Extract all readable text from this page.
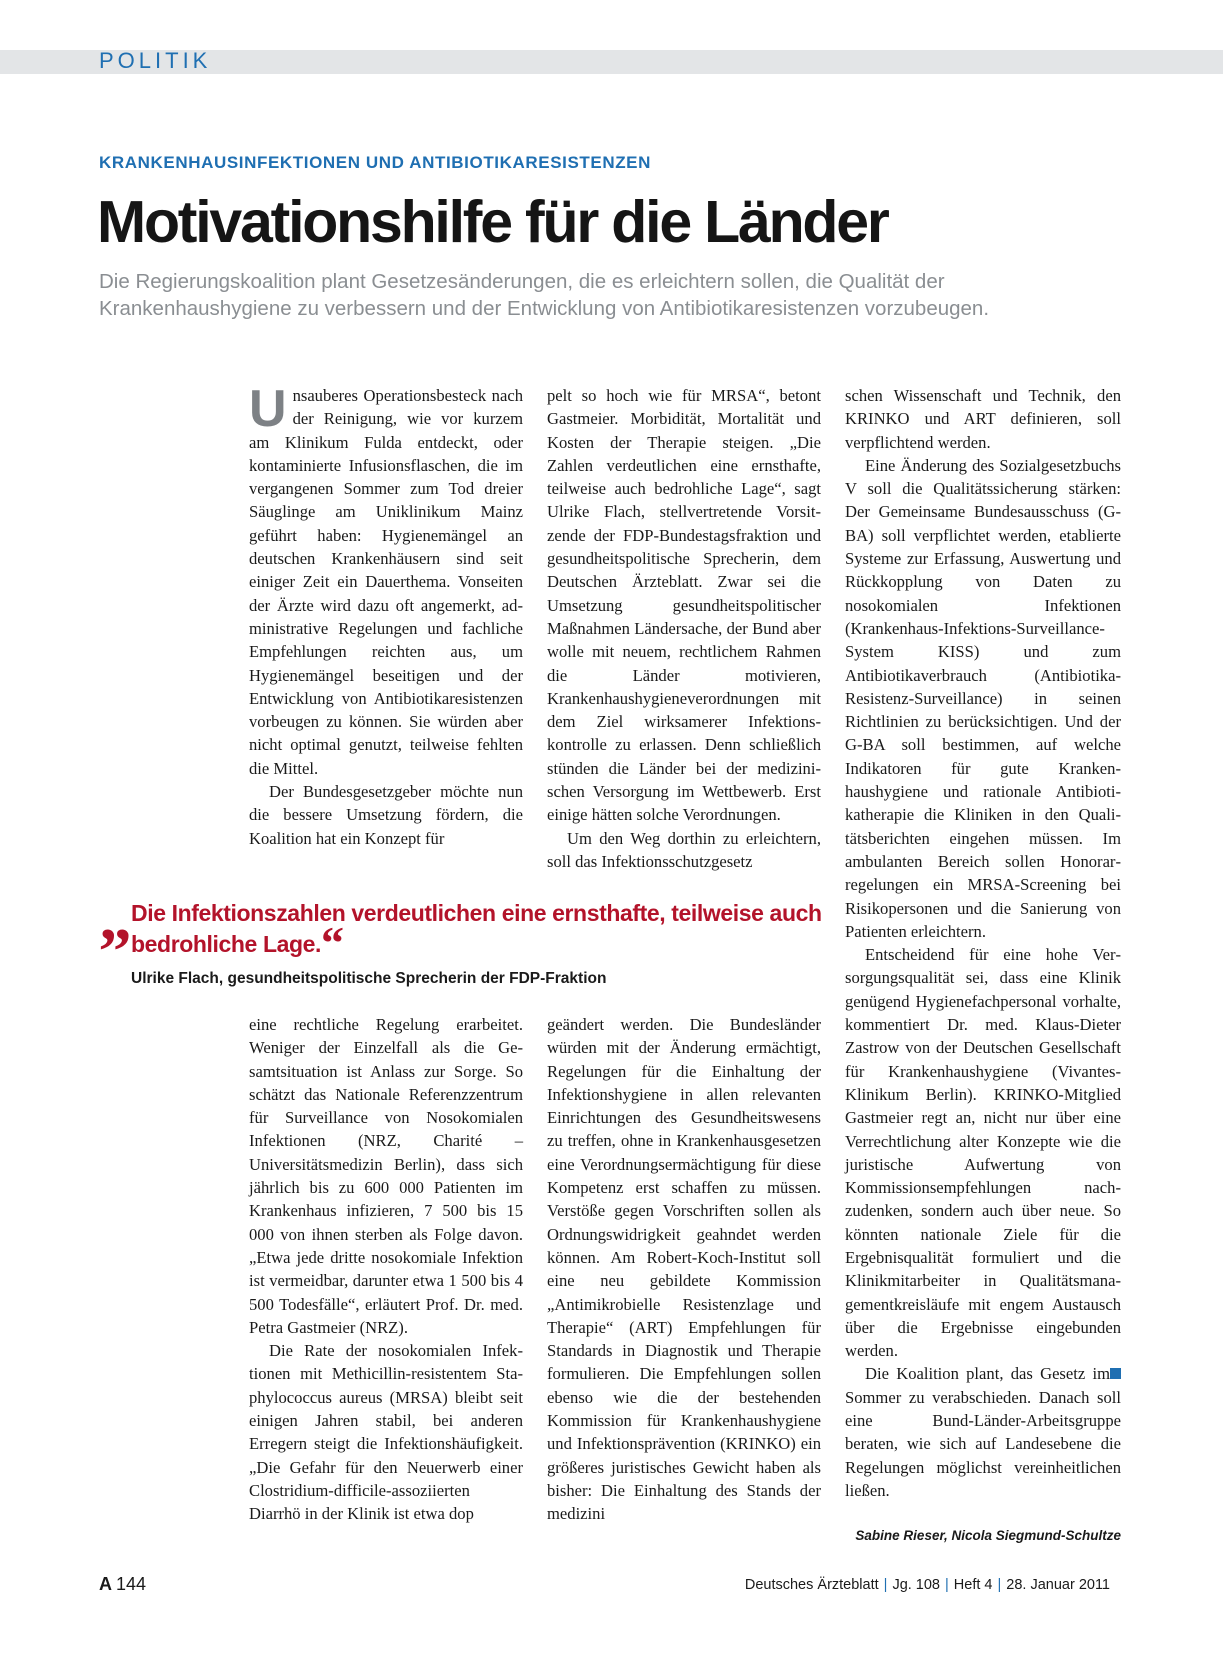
POLITIK
KRANKENHAUSINFEKTIONEN UND ANTIBIOTIKARESISTENZEN
Motivationshilfe für die Länder
Die Regierungskoalition plant Gesetzesänderungen, die es erleichtern sollen, die Qualität der Krankenhaushygiene zu verbessern und der Entwicklung von Antibiotikaresistenzen vorzubeugen.

Unsauberes Operationsbesteck nach der Reinigung, wie vor kurzem am Klinikum Fulda entdeckt, oder kontaminierte Infusionsflaschen, die im vergangenen Sommer zum Tod dreier Säuglinge am Uniklinikum Mainz geführt haben: Hygienemängel an deutschen Krankenhäusern sind seit einiger Zeit ein Dauerthema. Vonseiten der Ärzte wird dazu oft angemerkt, administrative Regelungen und fachliche Empfehlungen reichten aus, um Hygienemängel beseitigen und der Entwicklung von Antibiotikaresistenzen vorbeugen zu können. Sie würden aber nicht optimal genutzt, teilweise fehlten die Mittel.

Der Bundesgesetzgeber möchte nun die bessere Umsetzung fördern, die Koalition hat ein Konzept für

pelt so hoch wie für MRSA“, betont Gastmeier. Morbidität, Mortalität und Kosten der Therapie steigen. „Die Zahlen verdeutlichen eine ernsthafte, teilweise auch bedrohliche Lage“, sagt Ulrike Flach, stellvertretende Vorsitzende der FDP-Bundestagsfraktion und gesundheitspolitische Sprecherin, dem Deutschen Ärzteblatt. Zwar sei die Umsetzung gesundheitspolitischer Maßnahmen Ländersache, der Bund aber wolle mit neuem, rechtlichem Rahmen die Länder motivieren, Krankenhaushygieneverordnungen mit dem Ziel wirksamerer Infektionskontrolle zu erlassen. Denn schließlich stünden die Länder bei der medizinischen Versorgung im Wettbewerb. Erst einige hätten solche Verordnungen.

Um den Weg dorthin zu erleichtern, soll das Infektionsschutzgesetz

„ Die Infektionszahlen verdeutlichen eine ernsthafte, teilweise auch bedrohliche Lage.“
Ulrike Flach, gesundheitspolitische Sprecherin der FDP-Fraktion

eine rechtliche Regelung erarbeitet. Weniger der Einzelfall als die Gesamtsituation ist Anlass zur Sorge. So schätzt das Nationale Referenzzentrum für Surveillance von Nosokomialen Infektionen (NRZ, Charité – Universitätsmedizin Berlin), dass sich jährlich bis zu 600 000 Patienten im Krankenhaus infizieren, 7 500 bis 15 000 von ihnen sterben als Folge davon. „Etwa jede dritte nosokomiale Infektion ist vermeidbar, darunter etwa 1 500 bis 4 500 Todesfälle“, erläutert Prof. Dr. med. Petra Gastmeier (NRZ).

Die Rate der nosokomialen Infektionen mit Methicillin-resistentem Staphylococcus aureus (MRSA) bleibt seit einigen Jahren stabil, bei anderen Erregern steigt die Infektionshäufigkeit. „Die Gefahr für den Neuerwerb einer Clostridium-difficile-assoziierten Diarrhö in der Klinik ist etwa dop

geändert werden. Die Bundesländer würden mit der Änderung ermächtigt, Regelungen für die Einhaltung der Infektionshygiene in allen relevanten Einrichtungen des Gesundheitswesens zu treffen, ohne in Krankenhausgesetzen eine Verordnungsermächtigung für diese Kompetenz erst schaffen zu müssen. Verstöße gegen Vorschriften sollen als Ordnungswidrigkeit geahndet werden können. Am Robert-Koch-Institut soll eine neu gebildete Kommission „Antimikrobielle Resistenzlage und Therapie“ (ART) Empfehlungen für Standards in Diagnostik und Therapie formulieren. Die Empfehlungen sollen ebenso wie die der bestehenden Kommission für Krankenhaushygiene und Infektionsprävention (KRINKO) ein größeres juristisches Gewicht haben als bisher: Die Einhaltung des Stands der medizini

schen Wissenschaft und Technik, den KRINKO und ART definieren, soll verpflichtend werden.

Eine Änderung des Sozialgesetzbuchs V soll die Qualitätssicherung stärken: Der Gemeinsame Bundesausschuss (G-BA) soll verpflichtet werden, etablierte Systeme zur Erfassung, Auswertung und Rückkopplung von Daten zu nosokomialen Infektionen (Krankenhaus-Infektions-Surveillance-System KISS) und zum Antibiotikaverbrauch (Antibiotika-Resistenz-Surveillance) in seinen Richtlinien zu berücksichtigen. Und der G-BA soll bestimmen, auf welche Indikatoren für gute Krankenhaushygiene und rationale Antibiotikatherapie die Kliniken in den Qualitätsberichten eingehen müssen. Im ambulanten Bereich sollen Honorarregelungen ein MRSA-Screening bei Risikopersonen und die Sanierung von Patienten erleichtern.

Entscheidend für eine hohe Versorgungsqualität sei, dass eine Klinik genügend Hygienefachpersonal vorhalte, kommentiert Dr. med. Klaus-Dieter Zastrow von der Deutschen Gesellschaft für Krankenhaushygiene (Vivantes-Klinikum Berlin). KRINKO-Mitglied Gastmeier regt an, nicht nur über eine Verrechtlichung alter Konzepte wie die juristische Aufwertung von Kommissionsempfehlungen nachzudenken, sondern auch über neue. So könnten nationale Ziele für die Ergebnisqualität formuliert und die Klinikmitarbeiter in Qualitätsmanagementkreisläufe mit engem Austausch über die Ergebnisse eingebunden werden.

Die Koalition plant, das Gesetz im Sommer zu verabschieden. Danach soll eine Bund-Länder-Arbeitsgruppe beraten, wie sich auf Landesebene die Regelungen möglichst vereinheitlichen ließen.

Sabine Rieser, Nicola Siegmund-Schultze
A 144	Deutsches Ärzteblatt | Jg. 108 | Heft 4 | 28. Januar 2011
